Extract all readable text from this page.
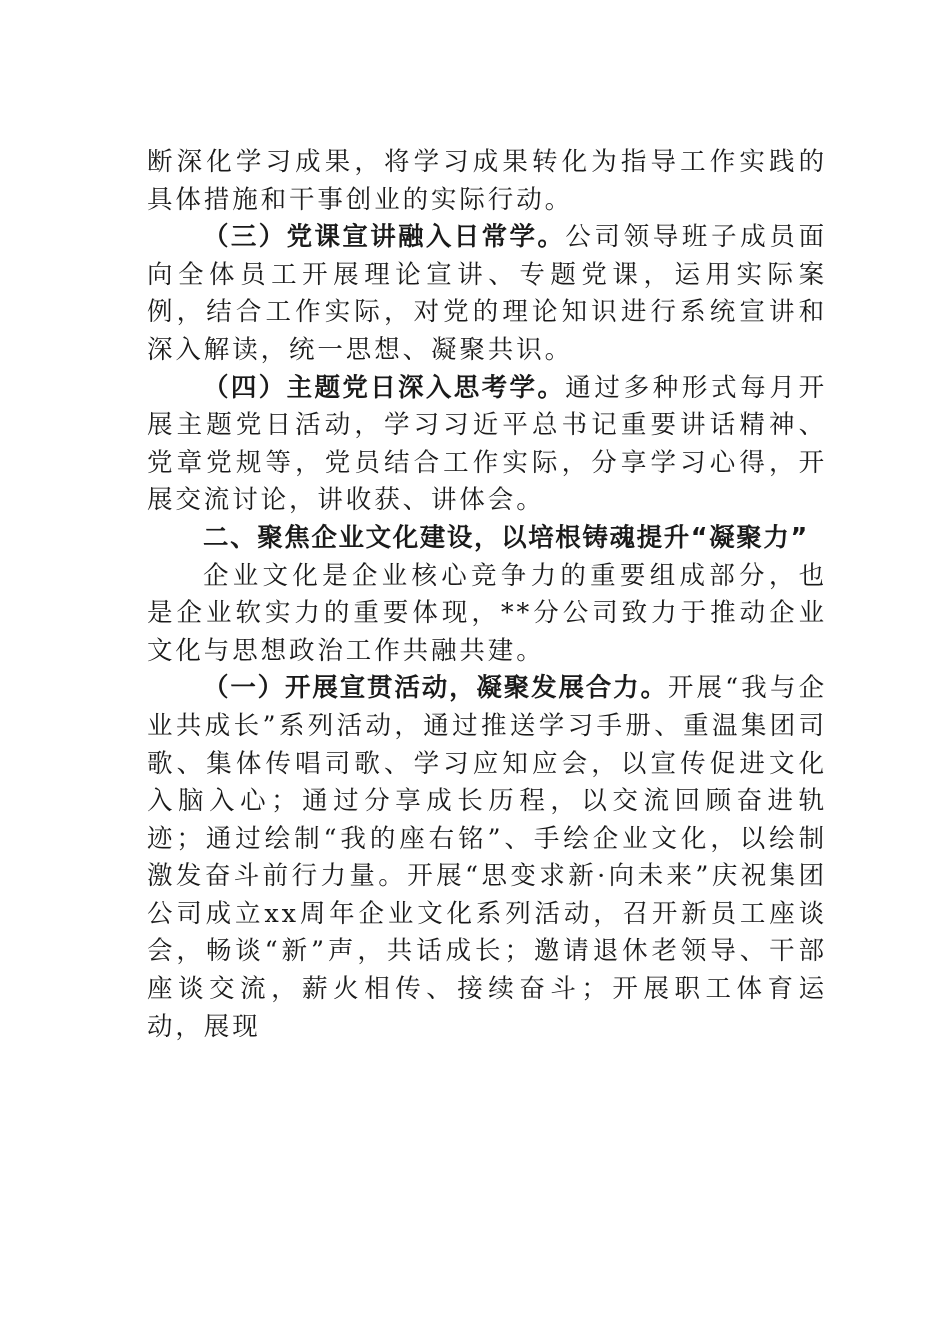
断深化学习成果，将学习成果转化为指导工作实践的具体措施和干事创业的实际行动。

（三）党课宣讲融入日常学。公司领导班子成员面向全体员工开展理论宣讲、专题党课，运用实际案例，结合工作实际，对党的理论知识进行系统宣讲和深入解读，统一思想、凝聚共识。

（四）主题党日深入思考学。通过多种形式每月开展主题党日活动，学习习近平总书记重要讲话精神、党章党规等，党员结合工作实际，分享学习心得，开展交流讨论，讲收获、讲体会。

二、聚焦企业文化建设，以培根铸魂提升“凝聚力”

企业文化是企业核心竞争力的重要组成部分，也是企业软实力的重要体现，**分公司致力于推动企业文化与思想政治工作共融共建。

（一）开展宣贯活动，凝聚发展合力。开展“我与企业共成长”系列活动，通过推送学习手册、重温集团司歌、集体传唱司歌、学习应知应会，以宣传促进文化入脑入心；通过分享成长历程，以交流回顾奋进轨迹；通过绘制“我的座右铭”、手绘企业文化，以绘制激发奋斗前行力量。开展“思变求新·向未来”庆祝集团公司成立xx周年企业文化系列活动，召开新员工座谈会，畅谈“新”声，共话成长；邀请退休老领导、干部座谈交流，薪火相传、接续奋斗；开展职工体育运动，展现
